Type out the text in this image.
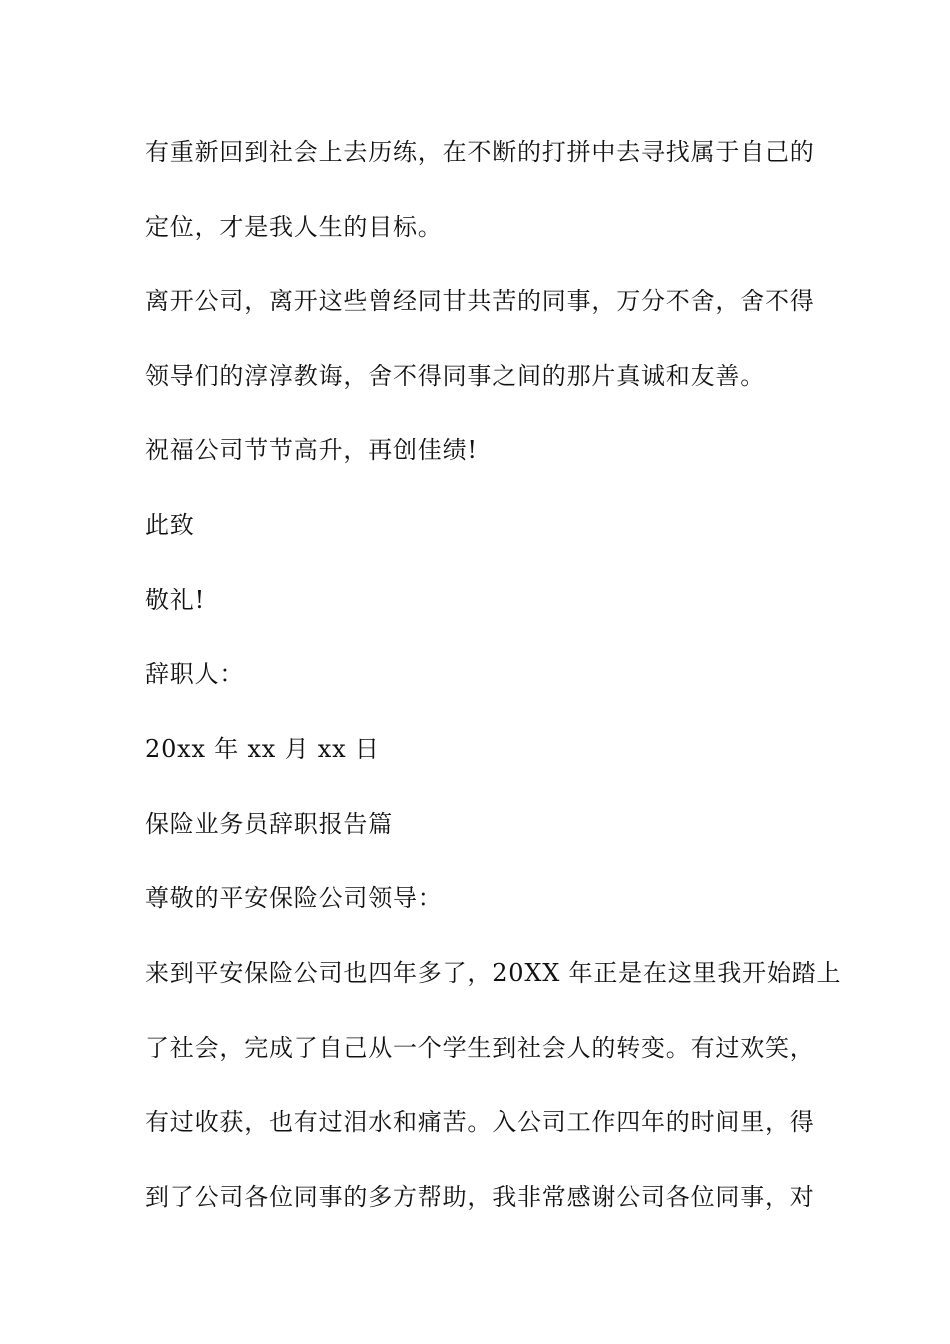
有重新回到社会上去历练，在不断的打拼中去寻找属于自己的

定位，才是我人生的目标。

离开公司，离开这些曾经同甘共苦的同事，万分不舍，舍不得

领导们的淳淳教诲，舍不得同事之间的那片真诚和友善。

祝福公司节节高升，再创佳绩!

此致

敬礼!

辞职人：

20xx 年 xx 月 xx 日

保险业务员辞职报告篇

尊敬的平安保险公司领导：

来到平安保险公司也四年多了，20XX 年正是在这里我开始踏上

了社会，完成了自己从一个学生到社会人的转变。有过欢笑，

有过收获，也有过泪水和痛苦。入公司工作四年的时间里，得

到了公司各位同事的多方帮助，我非常感谢公司各位同事，对
